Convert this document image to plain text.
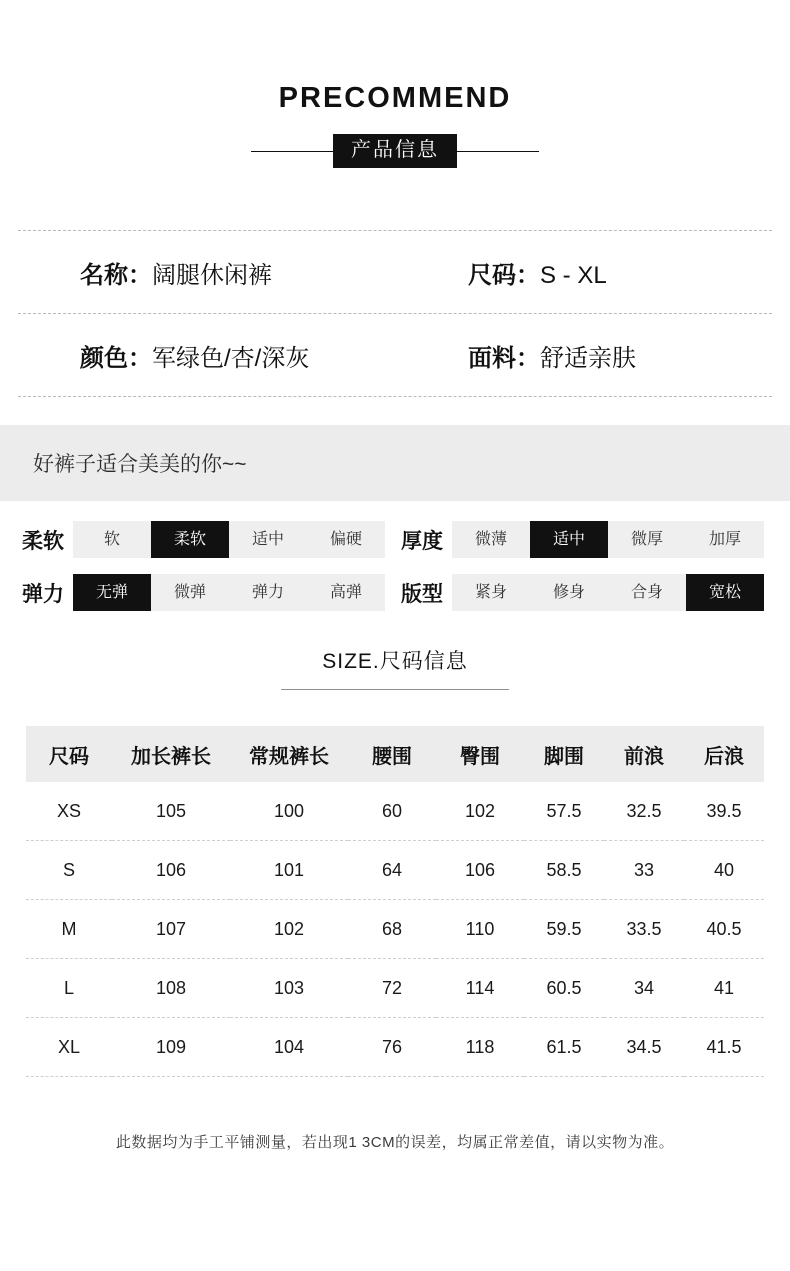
PRECOMMEND
产品信息
名称： 阔腿休闲裤	尺码： S - XL
颜色： 军绿色/杏/深灰	面料： 舒适亲肤
好裤子适合美美的你~~
柔软	软	柔软	适中	偏硬	厚度	微薄	适中	微厚	加厚
弹力	无弹	微弹	弹力	高弹	版型	紧身	修身	合身	宽松
SIZE.尺码信息
尺码	加长裤长	常规裤长	腰围	臀围	脚围	前浪	后浪
XS	105	100	60	102	57.5	32.5	39.5
S	106	101	64	106	58.5	33	40
M	107	102	68	110	59.5	33.5	40.5
L	108	103	72	114	60.5	34	41
XL	109	104	76	118	61.5	34.5	41.5
此数据均为手工平铺测量，若出现1 3CM的误差，均属正常差值，请以实物为准。
